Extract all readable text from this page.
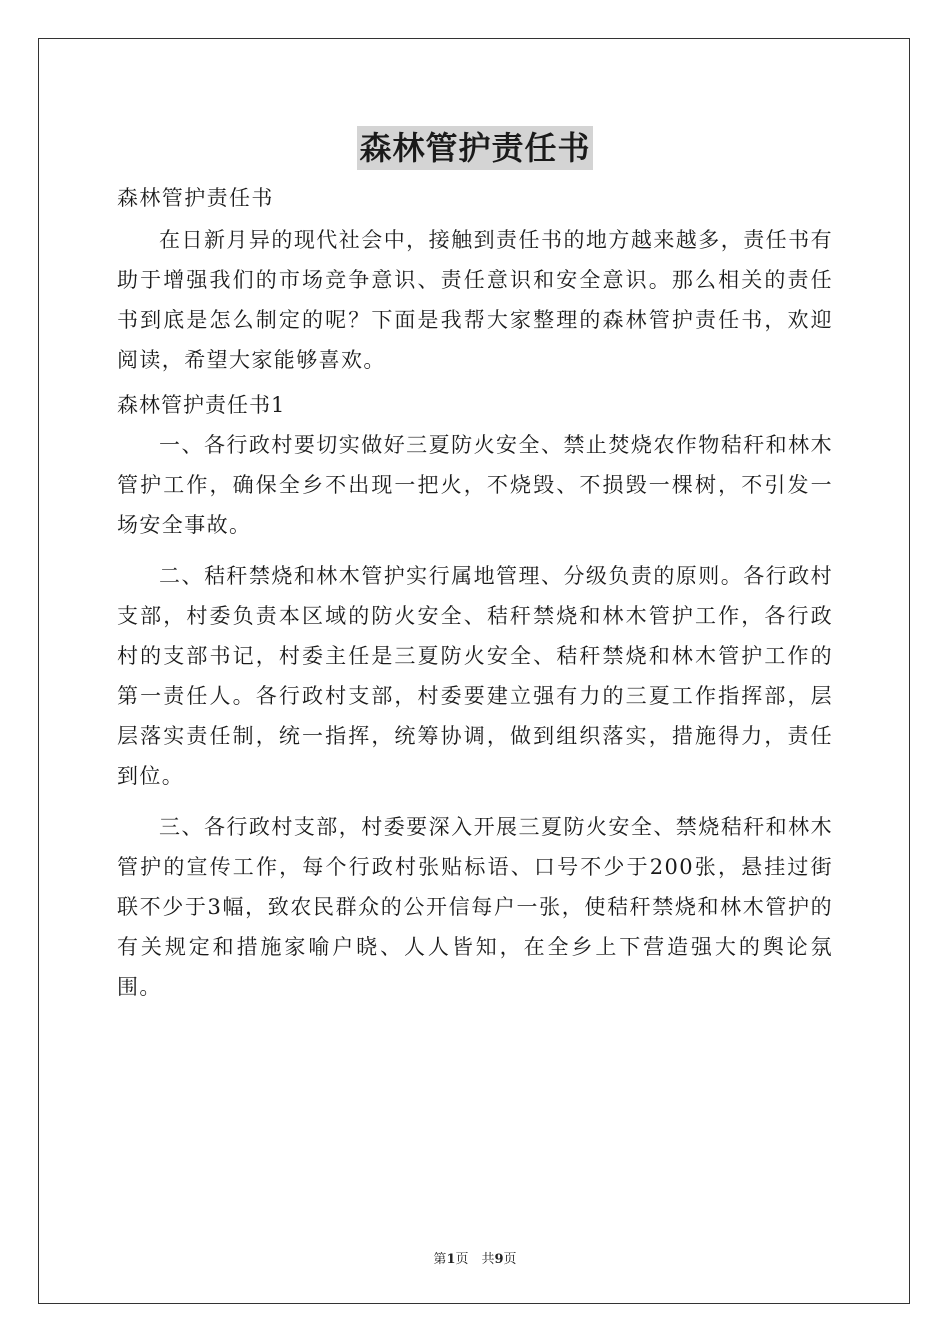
森林管护责任书

森林管护责任书

在日新月异的现代社会中，接触到责任书的地方越来越多，责任书有助于增强我们的市场竞争意识、责任意识和安全意识。那么相关的责任书到底是怎么制定的呢？下面是我帮大家整理的森林管护责任书，欢迎阅读，希望大家能够喜欢。

森林管护责任书1

一、各行政村要切实做好三夏防火安全、禁止焚烧农作物秸秆和林木管护工作，确保全乡不出现一把火，不烧毁、不损毁一棵树，不引发一场安全事故。

二、秸秆禁烧和林木管护实行属地管理、分级负责的原则。各行政村支部，村委负责本区域的防火安全、秸秆禁烧和林木管护工作，各行政村的支部书记，村委主任是三夏防火安全、秸秆禁烧和林木管护工作的第一责任人。各行政村支部，村委要建立强有力的三夏工作指挥部，层层落实责任制，统一指挥，统筹协调，做到组织落实，措施得力，责任到位。

三、各行政村支部，村委要深入开展三夏防火安全、禁烧秸秆和林木管护的宣传工作，每个行政村张贴标语、口号不少于200张，悬挂过街联不少于3幅，致农民群众的公开信每户一张，使秸秆禁烧和林木管护的有关规定和措施家喻户晓、人人皆知，在全乡上下营造强大的舆论氛围。

第1页　共9页
